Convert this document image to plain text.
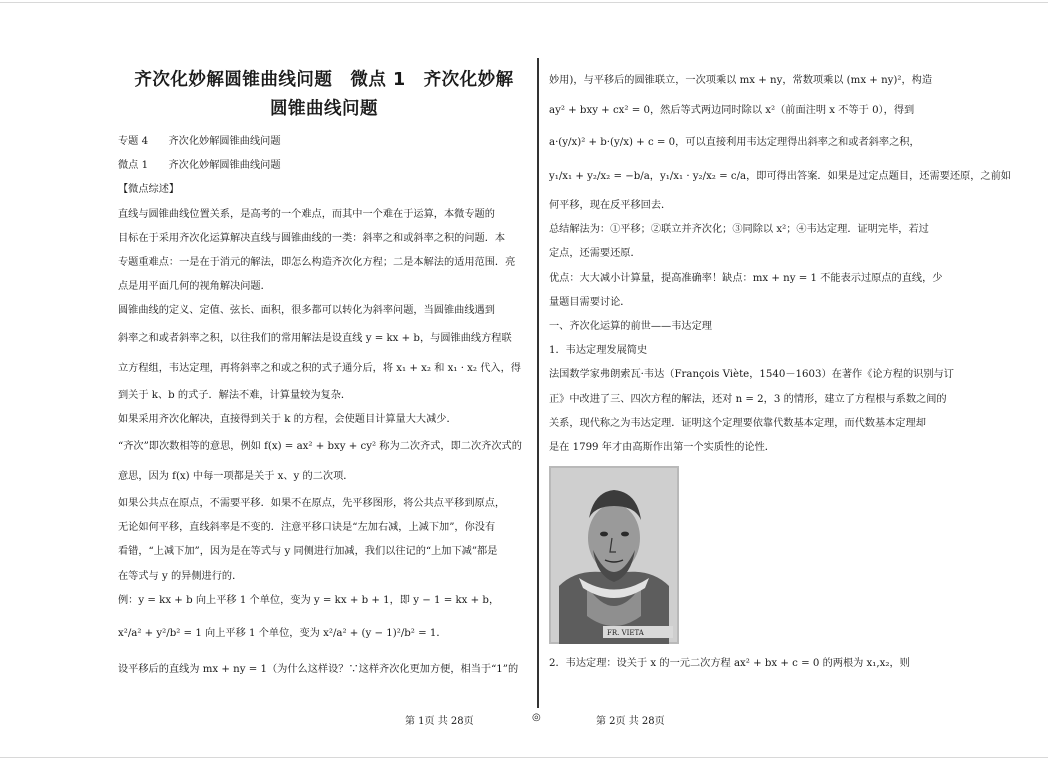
齐次化妙解圆锥曲线问题　微点 1　齐次化妙解
圆锥曲线问题
专题 4　　齐次化妙解圆锥曲线问题
微点 1　　齐次化妙解圆锥曲线问题
【微点综述】
直线与圆锥曲线位置关系，是高考的一个难点，而其中一个难在于运算，本微专题的
目标在于采用齐次化运算解决直线与圆锥曲线的一类：斜率之和或斜率之积的问题．本
专题重难点：一是在于消元的解法，即怎么构造齐次化方程；二是本解法的适用范围．亮
点是用平面几何的视角解决问题．
圆锥曲线的定义、定值、弦长、面积，很多都可以转化为斜率问题，当圆锥曲线遇到
斜率之和或者斜率之积，以往我们的常用解法是设直线 y = kx + b，与圆锥曲线方程联
立方程组，韦达定理，再将斜率之和或之积的式子通分后，将 x₁ + x₂ 和 x₁ · x₂ 代入，得
到关于 k、b 的式子．解法不难，计算量较为复杂．
如果采用齐次化解决，直接得到关于 k 的方程，会使题目计算量大大减少．
“齐次”即次数相等的意思，例如 f(x) = ax² + bxy + cy² 称为二次齐式，即二次齐次式的
意思，因为 f(x) 中每一项都是关于 x、y 的二次项．
如果公共点在原点，不需要平移．如果不在原点，先平移图形，将公共点平移到原点，
无论如何平移，直线斜率是不变的．注意平移口诀是“左加右减，上减下加”，你没有
看错，“上减下加”，因为是在等式与 y 同侧进行加减，我们以往记的“上加下减”都是
在等式与 y 的异侧进行的．
例：y = kx + b 向上平移 1 个单位，变为 y = kx + b + 1，即 y − 1 = kx + b，
x²/a² + y²/b² = 1 向上平移 1 个单位，变为 x²/a² + (y − 1)²/b² = 1．
设平移后的直线为 mx + ny = 1（为什么这样设？∵这样齐次化更加方便，相当于“1”的
妙用)，与平移后的圆锥联立，一次项乘以 mx + ny，常数项乘以 (mx + ny)²，构造
ay² + bxy + cx² = 0，然后等式两边同时除以 x²（前面注明 x 不等于 0），得到
a·(y/x)² + b·(y/x) + c = 0，可以直接利用韦达定理得出斜率之和或者斜率之积，
y₁/x₁ + y₂/x₂ = −b/a，y₁/x₁ · y₂/x₂ = c/a，即可得出答案．如果是过定点题目，还需要还原，之前如
何平移，现在反平移回去．
总结解法为：①平移；②联立并齐次化；③同除以 x²；④韦达定理．证明完毕，若过
定点，还需要还原．
优点：大大减小计算量，提高准确率！缺点：mx + ny = 1 不能表示过原点的直线，少
量题目需要讨论．
一、齐次化运算的前世——韦达定理
1．韦达定理发展简史
法国数学家弗朗索瓦·韦达（François Viète，1540－1603）在著作《论方程的识别与订
正》中改进了三、四次方程的解法，还对 n = 2，3 的情形，建立了方程根与系数之间的
关系，现代称之为韦达定理．证明这个定理要依靠代数基本定理，而代数基本定理却
是在 1799 年才由高斯作出第一个实质性的论性．
FR. VIETA
2．韦达定理：设关于 x 的一元二次方程 ax² + bx + c = 0 的两根为 x₁,x₂，则
第 1页 共 28页	◎	第 2页 共 28页
